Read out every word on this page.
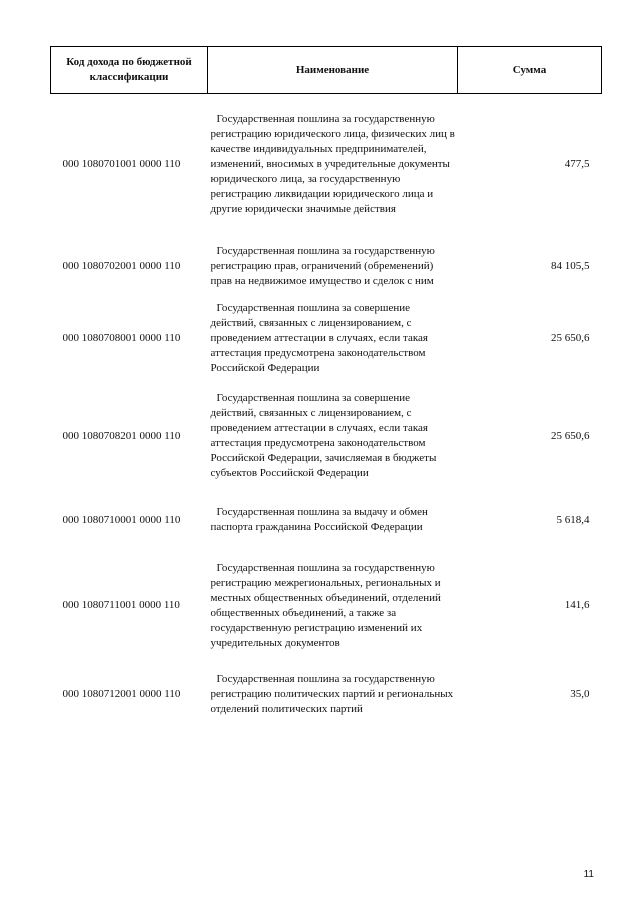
Код дохода по бюджетной классификации	Наименование	Сумма
000 1080701001 0000 110	Государственная пошлина за государственную регистрацию юридического лица, физических лиц в качестве индивидуальных предпринимателей, изменений, вносимых в учредительные документы юридического лица, за государственную регистрацию ликвидации юридического лица и другие юридически значимые действия	477,5
000 1080702001 0000 110	Государственная пошлина за государственную регистрацию прав, ограничений (обременений) прав на недвижимое имущество и сделок с ним	84 105,5
000 1080708001 0000 110	Государственная пошлина за совершение действий, связанных с лицензированием, с проведением аттестации в случаях, если такая аттестация предусмотрена законодательством Российской Федерации	25 650,6
000 1080708201 0000 110	Государственная пошлина за совершение действий, связанных с лицензированием, с проведением аттестации в случаях, если такая аттестация предусмотрена законодательством Российской Федерации, зачисляемая в бюджеты субъектов Российской Федерации	25 650,6
000 1080710001 0000 110	Государственная пошлина за выдачу и обмен паспорта гражданина Российской Федерации	5 618,4
000 1080711001 0000 110	Государственная пошлина за государственную регистрацию межрегиональных, региональных и местных общественных объединений, отделений общественных объединений, а также за государственную регистрацию изменений их учредительных документов	141,6
000 1080712001 0000 110	Государственная пошлина за государственную регистрацию политических партий и региональных отделений политических партий	35,0
11
